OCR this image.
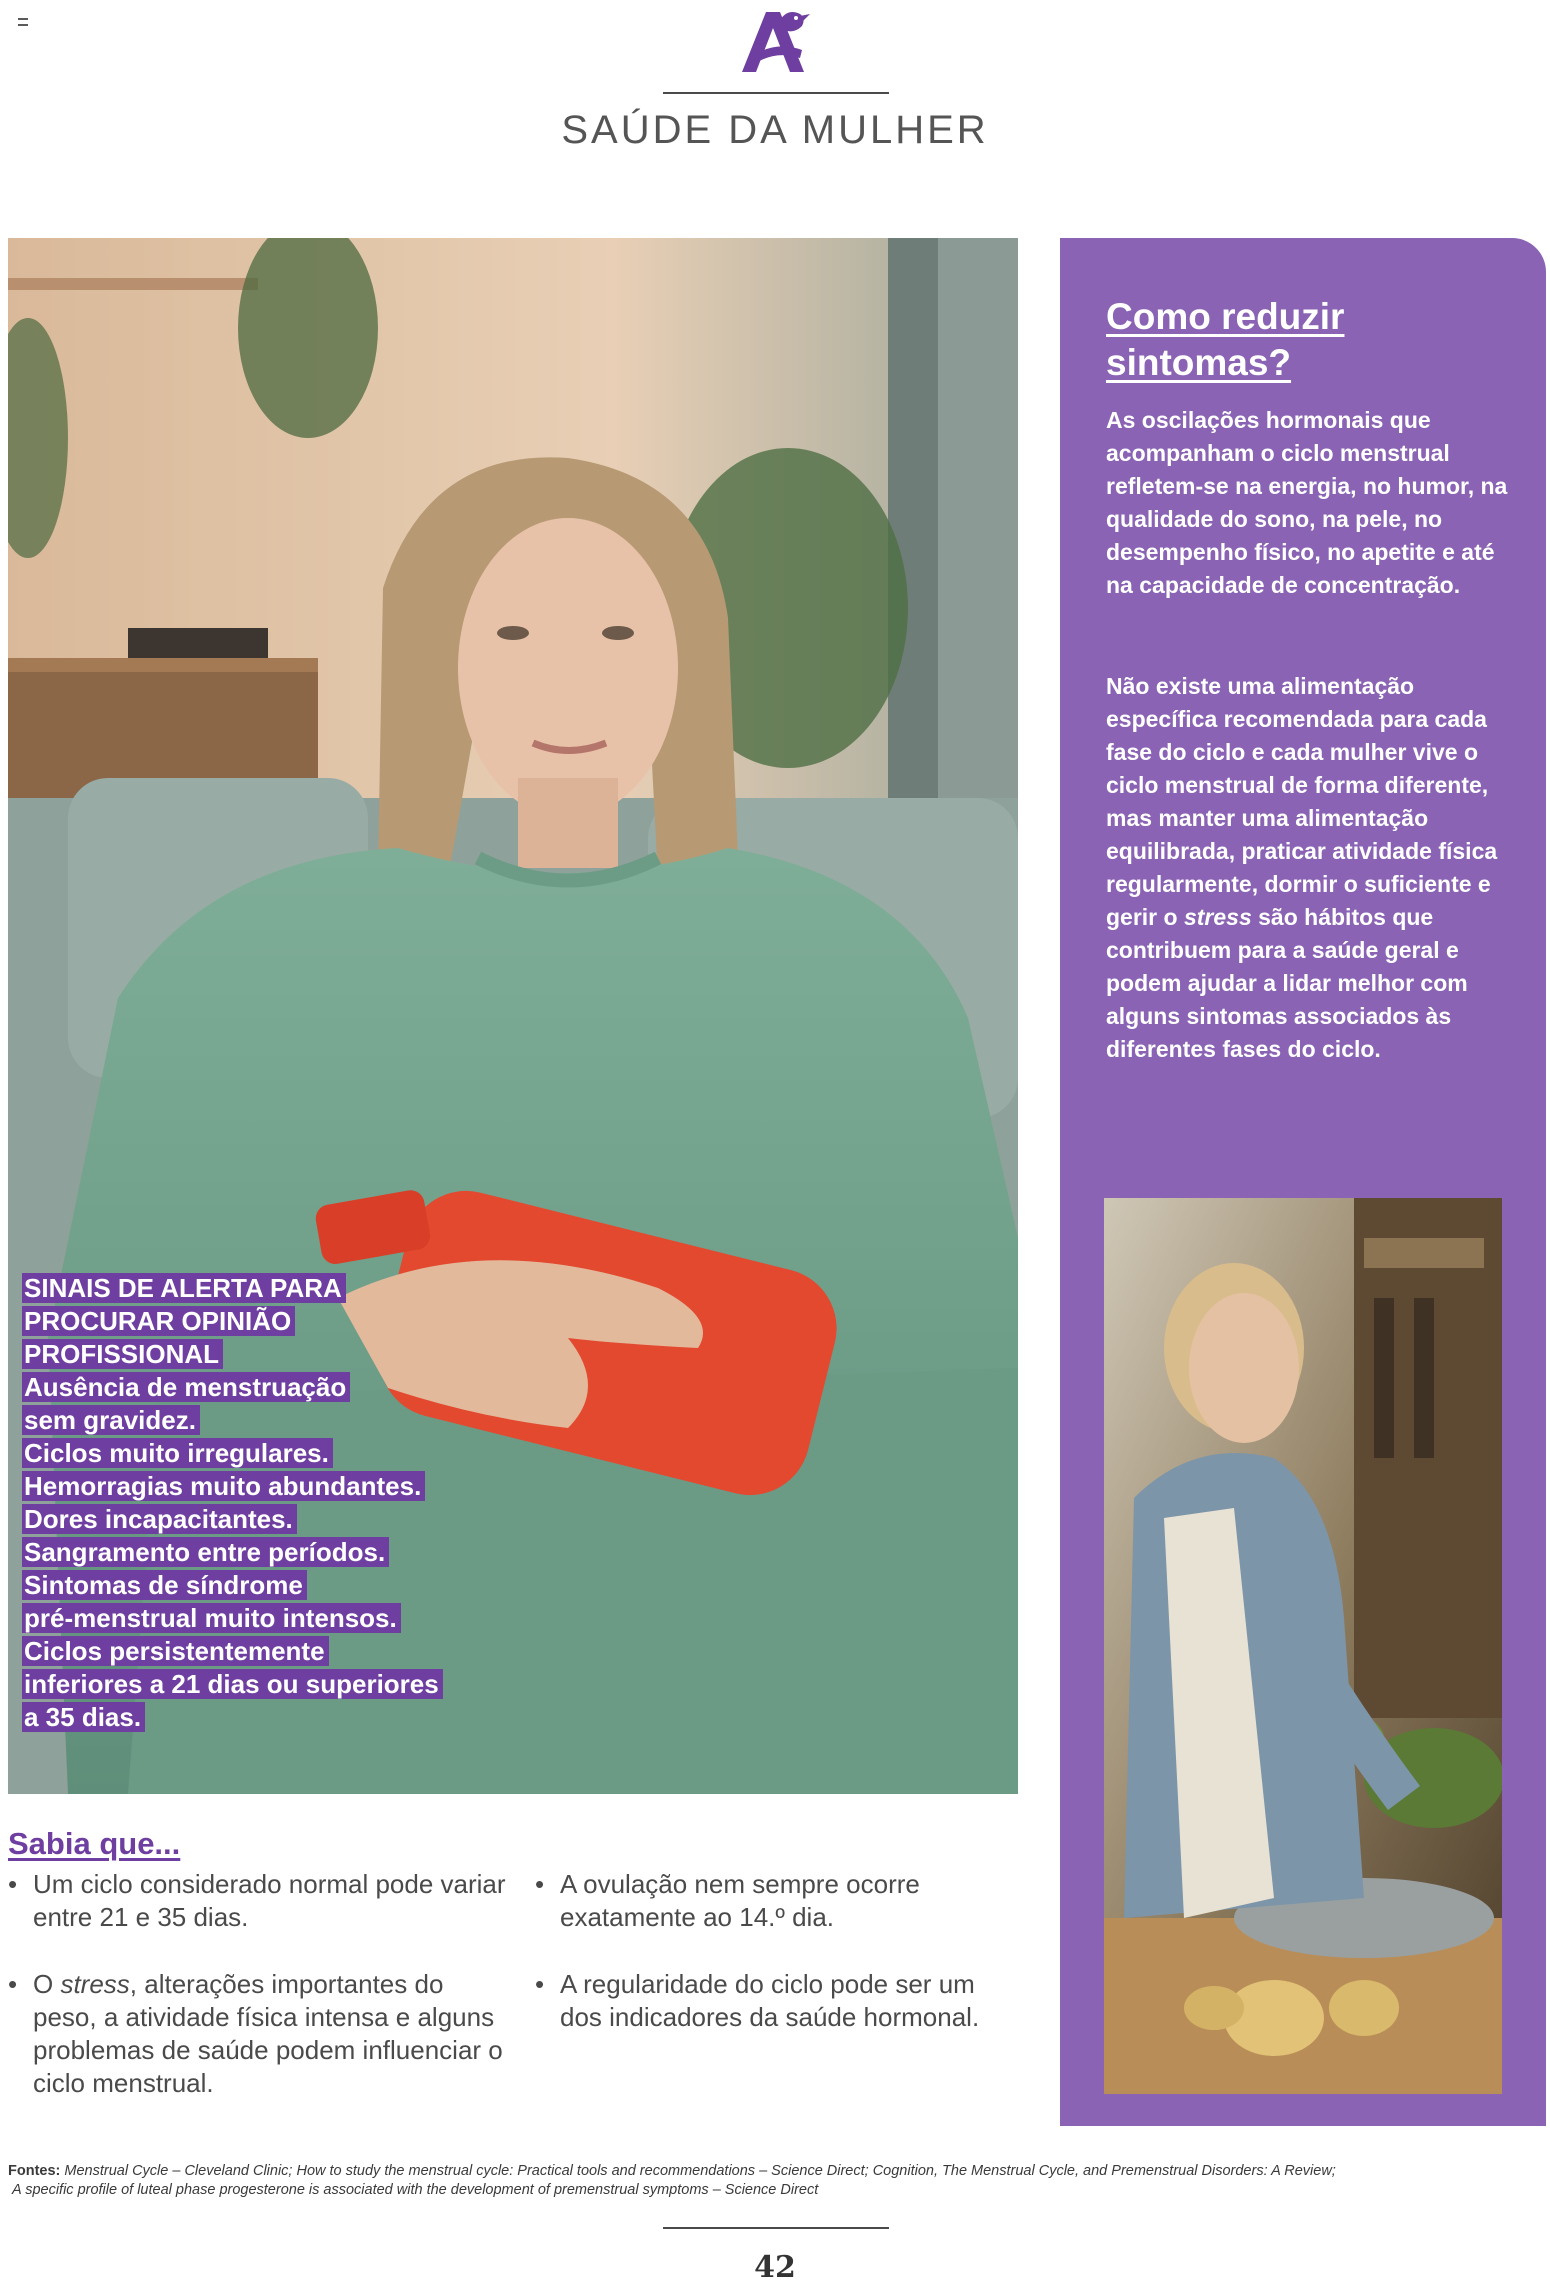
SAÚDE DA MULHER
SINAIS DE ALERTA PARA
PROCURAR OPINIÃO
PROFISSIONAL
Ausência de menstruação
sem gravidez.
Ciclos muito irregulares.
Hemorragias muito abundantes.
Dores incapacitantes.
Sangramento entre períodos.
Sintomas de síndrome
pré-menstrual muito intensos.
Ciclos persistentemente
inferiores a 21 dias ou superiores
a 35 dias.
Como reduzir sintomas?

As oscilações hormonais que acompanham o ciclo menstrual refletem-se na energia, no humor, na qualidade do sono, na pele, no desempenho físico, no apetite e até na capacidade de concentração.

Não existe uma alimentação específica recomendada para cada fase do ciclo e cada mulher vive o ciclo menstrual de forma diferente, mas manter uma alimentação equilibrada, praticar atividade física regularmente, dormir o suficiente e gerir o stress são hábitos que contribuem para a saúde geral e podem ajudar a lidar melhor com alguns sintomas associados às diferentes fases do ciclo.

Sabia que...
• Um ciclo considerado normal pode variar entre 21 e 35 dias.
• O stress, alterações importantes do peso, a atividade física intensa e alguns problemas de saúde podem influenciar o ciclo menstrual.
• A ovulação nem sempre ocorre exatamente ao 14.º dia.
• A regularidade do ciclo pode ser um dos indicadores da saúde hormonal.
Fontes: Menstrual Cycle – Cleveland Clinic; How to study the menstrual cycle: Practical tools and recommendations – Science Direct; Cognition, The Menstrual Cycle, and Premenstrual Disorders: A Review;
A specific profile of luteal phase progesterone is associated with the development of premenstrual symptoms – Science Direct
42
